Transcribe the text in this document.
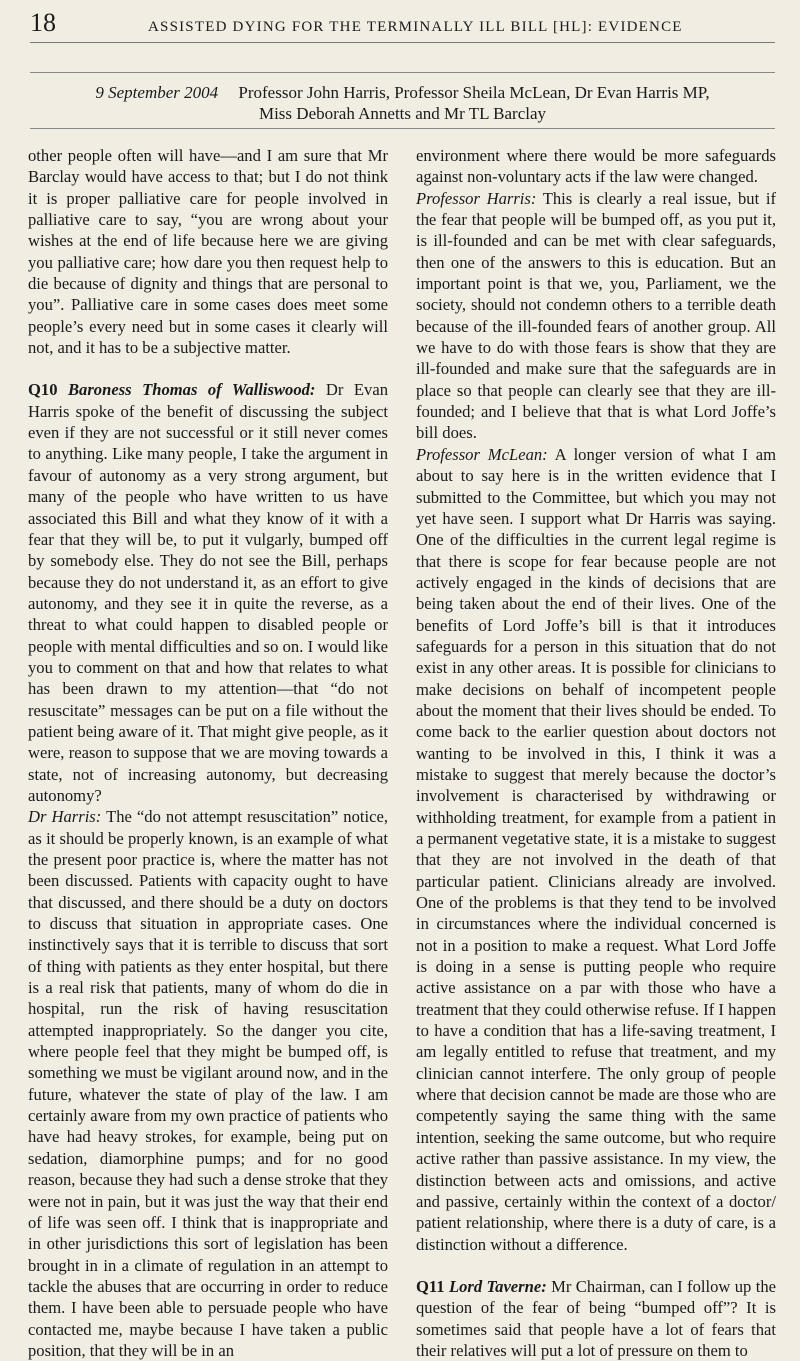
18	ASSISTED DYING FOR THE TERMINALLY ILL BILL [HL]: EVIDENCE
9 September 2004 Professor John Harris, Professor Sheila McLean, Dr Evan Harris MP,
Miss Deborah Annetts and Mr TL Barclay

other people often will have—and I am sure that Mr Barclay would have access to that; but I do not think it is proper palliative care for people involved in palliative care to say, “you are wrong about your wishes at the end of life because here we are giving you palliative care; how dare you then request help to die because of dignity and things that are personal to you”. Palliative care in some cases does meet some people’s every need but in some cases it clearly will not, and it has to be a subjective matter.

Q10 Baroness Thomas of Walliswood: Dr Evan Harris spoke of the benefit of discussing the subject even if they are not successful or it still never comes to anything. Like many people, I take the argument in favour of autonomy as a very strong argument, but many of the people who have written to us have associated this Bill and what they know of it with a fear that they will be, to put it vulgarly, bumped off by somebody else. They do not see the Bill, perhaps because they do not understand it, as an effort to give autonomy, and they see it in quite the reverse, as a threat to what could happen to disabled people or people with mental difficulties and so on. I would like you to comment on that and how that relates to what has been drawn to my attention—that “do not resuscitate” messages can be put on a file without the patient being aware of it. That might give people, as it were, reason to suppose that we are moving towards a state, not of increasing autonomy, but decreasing autonomy?

Dr Harris: The “do not attempt resuscitation” notice, as it should be properly known, is an example of what the present poor practice is, where the matter has not been discussed. Patients with capacity ought to have that discussed, and there should be a duty on doctors to discuss that situation in appropriate cases. One instinctively says that it is terrible to discuss that sort of thing with patients as they enter hospital, but there is a real risk that patients, many of whom do die in hospital, run the risk of having resuscitation attempted inappropriately. So the danger you cite, where people feel that they might be bumped off, is something we must be vigilant around now, and in the future, whatever the state of play of the law. I am certainly aware from my own practice of patients who have had heavy strokes, for example, being put on sedation, diamorphine pumps; and for no good reason, because they had such a dense stroke that they were not in pain, but it was just the way that their end of life was seen off. I think that is inappropriate and in other jurisdictions this sort of legislation has been brought in in a climate of regulation in an attempt to tackle the abuses that are occurring in order to reduce them. I have been able to persuade people who have contacted me, maybe because I have taken a public position, that they will be in an

environment where there would be more safeguards against non-voluntary acts if the law were changed.

Professor Harris: This is clearly a real issue, but if the fear that people will be bumped off, as you put it, is ill-founded and can be met with clear safeguards, then one of the answers to this is education. But an important point is that we, you, Parliament, we the society, should not condemn others to a terrible death because of the ill-founded fears of another group. All we have to do with those fears is show that they are ill-founded and make sure that the safeguards are in place so that people can clearly see that they are ill-founded; and I believe that that is what Lord Joffe’s bill does.

Professor McLean: A longer version of what I am about to say here is in the written evidence that I submitted to the Committee, but which you may not yet have seen. I support what Dr Harris was saying. One of the difficulties in the current legal regime is that there is scope for fear because people are not actively engaged in the kinds of decisions that are being taken about the end of their lives. One of the benefits of Lord Joffe’s bill is that it introduces safeguards for a person in this situation that do not exist in any other areas. It is possible for clinicians to make decisions on behalf of incompetent people about the moment that their lives should be ended. To come back to the earlier question about doctors not wanting to be involved in this, I think it was a mistake to suggest that merely because the doctor’s involvement is characterised by withdrawing or withholding treatment, for example from a patient in a permanent vegetative state, it is a mistake to suggest that they are not involved in the death of that particular patient. Clinicians already are involved. One of the problems is that they tend to be involved in circumstances where the individual concerned is not in a position to make a request. What Lord Joffe is doing in a sense is putting people who require active assistance on a par with those who have a treatment that they could otherwise refuse. If I happen to have a condition that has a life-saving treatment, I am legally entitled to refuse that treatment, and my clinician cannot interfere. The only group of people where that decision cannot be made are those who are competently saying the same thing with the same intention, seeking the same outcome, but who require active rather than passive assistance. In my view, the distinction between acts and omissions, and active and passive, certainly within the context of a doctor/ patient relationship, where there is a duty of care, is a distinction without a difference.

Q11 Lord Taverne: Mr Chairman, can I follow up the question of the fear of being “bumped off”? It is sometimes said that people have a lot of fears that their relatives will put a lot of pressure on them to
